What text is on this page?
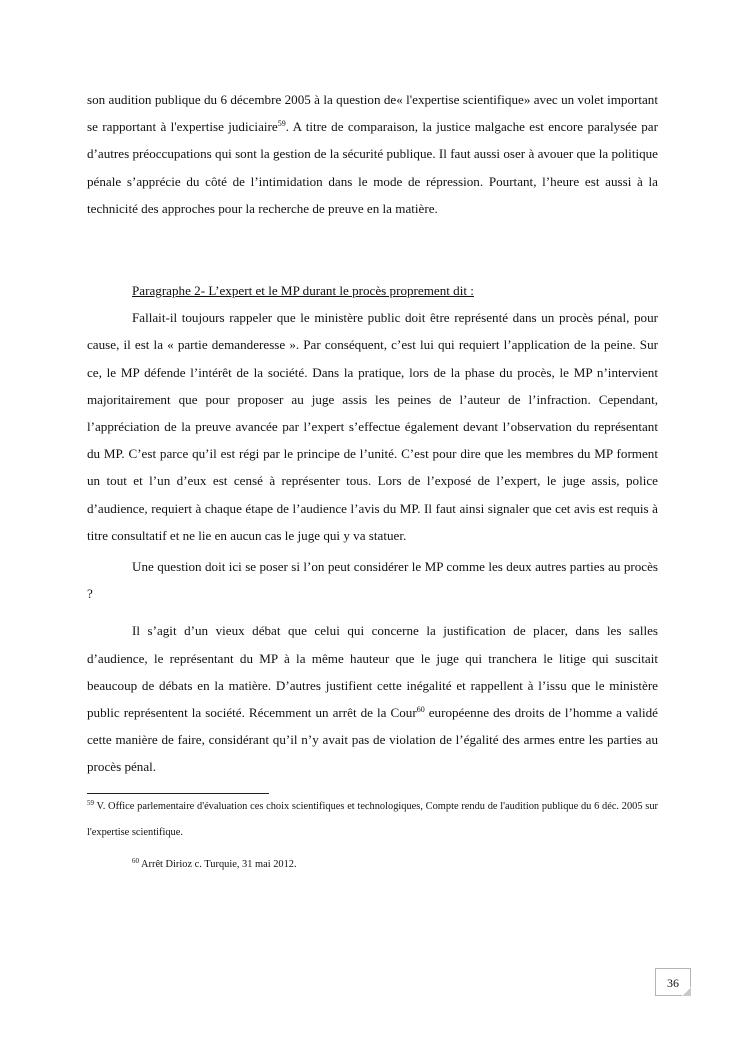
son audition publique du 6 décembre 2005 à la question de« l'expertise scientifique» avec un volet important se rapportant à l'expertise judiciaire$^{59}$. A titre de comparaison, la justice malgache est encore paralysée par d’autres préoccupations qui sont la gestion de la sécurité publique. Il faut aussi oser à avouer que la politique pénale s’apprécie du côté de l’intimidation dans le mode de répression. Pourtant, l’heure est aussi à la technicité des approches pour la recherche de preuve en la matière.

Paragraphe 2- L’expert et le MP durant le procès proprement dit :

Fallait-il toujours rappeler que le ministère public doit être représenté dans un procès pénal, pour cause, il est la « partie demanderesse ». Par conséquent, c’est lui qui requiert l’application de la peine. Sur ce, le MP défende l’intérêt de la société. Dans la pratique, lors de la phase du procès, le MP n’intervient majoritairement que pour proposer au juge assis les peines de l’auteur de l’infraction. Cependant, l’appréciation de la preuve avancée par l’expert s’effectue également devant l’observation du représentant du MP. C’est parce qu’il est régi par le principe de l’unité. C’est pour dire que les membres du MP forment un tout et l’un d’eux est censé à représenter tous. Lors de l’exposé de l’expert, le juge assis, police d’audience, requiert à chaque étape de l’audience l’avis du MP. Il faut ainsi signaler que cet avis est requis à titre consultatif et ne lie en aucun cas le juge qui y va statuer.

Une question doit ici se poser si l’on peut considérer le MP comme les deux autres parties au procès ?

Il s’agit d’un vieux débat que celui qui concerne la justification de placer, dans les salles d’audience, le représentant du MP à la même hauteur que le juge qui tranchera le litige qui suscitait beaucoup de débats en la matière. D’autres justifient cette inégalité et rappellent à l’issu que le ministère public représentent la société. Récemment un arrêt de la Cour$^{60}$ européenne des droits de l’homme a validé cette manière de faire, considérant qu’il n’y avait pas de violation de l’égalité des armes entre les parties au procès pénal.

$^{59}$ V. Office parlementaire d'évaluation ces choix scientifiques et technologiques, Compte rendu de l'audition publique du 6 déc. 2005 sur l'expertise scientifique.

$^{60}$ Arrêt Dirioz c. Turquie, 31 mai 2012.

36
